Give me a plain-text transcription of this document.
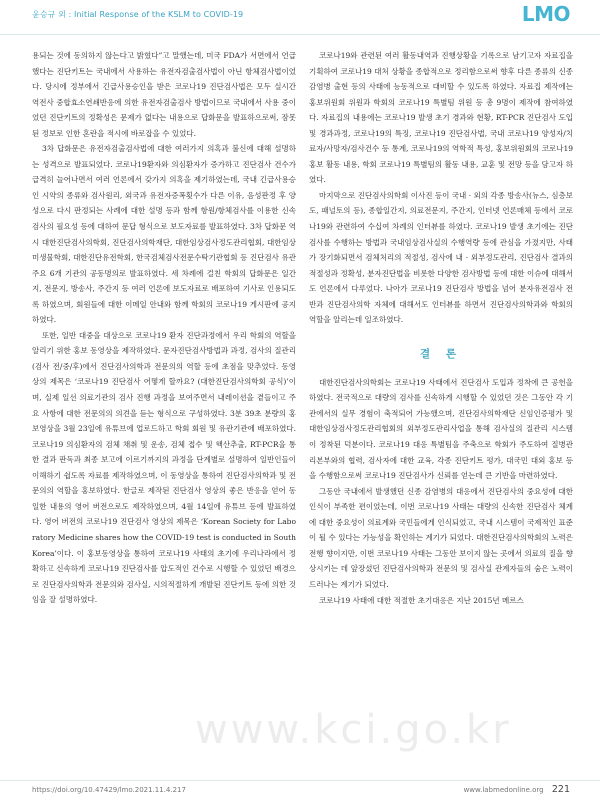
윤승규 외 : Initial Response of the KSLM to COVID-19	LMO

용되는 것에 동의하지 않는다고 밝혔다”고 말했는데, 미국 FDA가 서면에서 언급했다는 진단키트는 국내에서 사용하는 유전자검출검사법이 아닌 항체검사법이었다. 당시에 정부에서 긴급사용승인을 받은 코로나19 진단검사법은 모두 실시간 역전사 중합효소연쇄반응에 의한 유전자검출검사 방법이므로 국내에서 사용 중이었던 진단키트의 정확성은 문제가 없다는 내용으로 답화문을 발표하으로써, 잠못된 정보로 인한 혼란을 적시에 바로잡을 수 있었다.

3차 답화문은 유전자검출검사법에 대한 여러가지 의혹과 불신에 대해 설명하는 성격으로 발표되었다. 코로나19환자와 의심환자가 증가하고 진단검사 건수가 급격히 늘어나면서 여러 언론에서 갖가지 의혹을 제기하였는데, 국내 긴급사용승인 시약의 종류와 검사원리, 외국과 유전자증폭횟수가 다른 이유, 음성판정 후 양성으로 다시 판정되는 사례에 대한 설명 등과 함께 항원/항체검사를 이용한 신속검사의 필요성 등에 대하여 문답 형식으로 보도자료를 발표하였다. 3차 답화문 역시 대한진단검사의학회, 진단검사의학재단, 대한임상검사정도관리협회, 대한임상미생물학회, 대한진단유전학회, 한국검체검사전문수탁기관협회 등 진단검사 유관 주요 6개 기관의 공동명의로 발표하였다. 세 차례에 걸친 학회의 답화문은 일간지, 전문지, 방송사, 주간지 등 여러 언론에 보도자료로 배포하여 기사로 인용되도록 하였으며, 회원들에 대한 이메일 안내와 함께 학회의 코로나19 게시판에 공지하였다.

또한, 일반 대중을 대상으로 코로나19 환자 진단과정에서 우리 학회의 역할을 알리기 위한 홍보 동영상을 제작하였다. 문자진단검사방법과 과정, 검사의 질관리(검사 전/중/후)에서 진단검사의학과 전문의의 역할 등에 초점을 맞추었다. 동영상의 제목은 ‘코로나19 진단검사 어떻게 할까요? (대한진단검사의학회 공식)’이며, 실제 일선 의료기관의 검사 진행 과정을 보여주면서 내레이션을 곁들이고 주요 사항에 대한 전문의의 의견을 듣는 형식으로 구성하였다. 3분 39초 분량의 홍보영상을 3월 23일에 유튜브에 업로드하고 학회 회원 및 유관기관에 배포하였다. 코로나19 의심환자의 검체 채취 및 운송, 검체 접수 및 핵산추출, RT-PCR을 통한 결과 판독과 최종 보고에 이르기까지의 과정을 단계별로 설명하여 일반인들이 이해하기 쉽도록 자료를 제작하였으며, 이 동영상을 통하여 진단검사의학과 및 전문의의 역할을 홍보하였다. 한글로 제작된 진단검사 영상의 좋은 반응을 얻어 동일한 내용의 영어 버전으로도 제작하였으며, 4월 14일에 유튜브 등에 발표하였다. 영어 버전의 코로나19 진단검사 영상의 제목은 ‘Korean Society for Laboratory Medicine shares how the COVID-19 test is conducted in South Korea’이다. 이 홍보동영상을 통하여 코로나19 사태의 초기에 우리나라에서 정확하고 신속하게 코로나19 진단검사를 압도적인 건수로 시행할 수 있었던 배경으로 진단검사의학과 전문의와 검사실, 시의적절하게 개발된 진단키트 등에 의한 것임을 잘 설명하였다.

코로나19와 관련된 여러 활동내역과 진행상황을 기록으로 남기고자 자료집을 기획하여 코로나19 대처 상황을 종합적으로 정리함으로써 향후 다른 종류의 신종감염병 출현 등의 사태에 능동적으로 대비할 수 있도록 하였다. 자료집 제작에는 홍보위원회 위원과 학회의 코로나19 특별팀 위원 등 총 9명이 제작에 참여하였다. 자료집의 내용에는 코로나19 발생 초기 경과와 현황, RT-PCR 진단검사 도입 및 경과과정, 코로나19의 특징, 코로나19 진단검사법, 국내 코로나19 양성자/치료자/사망자/검사건수 등 통계, 코로나19의 역학적 특성, 홍보위원회의 코로나19 홍보 활동 내용, 학회 코로나19 특별팀의 활동 내용, 교훈 및 전망 등을 담고자 하였다.

마지막으로 진단검사의학회 이사진 등이 국내 · 외의 각종 방송사(뉴스, 심층보도, 패널토의 등), 종합일간지, 의료전문지, 주간지, 인터넷 언론매체 등에서 코로나19와 관련하여 수십여 차례의 인터뷰를 하였다. 코로나19 발생 초기에는 진단검사를 수행하는 방법과 국내임상검사실의 수행역량 등에 관심을 가졌지만, 사태가 장기화되면서 검체처리의 적절성, 검사에 내 · 외부정도관리, 진단검사 결과의 적절성과 정확성, 분자진단법을 비롯한 다양한 검사방법 등에 대한 이슈에 대해서도 언론에서 다루었다. 나아가 코로나19 진단검사 방법을 넘어 분자유전검사 전반과 진단검사의학 자체에 대해서도 인터뷰를 하면서 진단검사의학과와 학회의 역할을 알리는데 일조하였다.

결 론

대한진단검사의학회는 코로나19 사태에서 진단검사 도입과 정착에 큰 공헌을 하였다. 전국적으로 대량의 검사를 신속하게 시행할 수 있었던 것은 그동안 각 기관에서의 실무 경험이 축적되어 가능했으며, 진단검사의학재단 신임인증평가 및 대한임상검사정도관리협회의 외부정도관리사업을 통해 검사실의 질관리 시스템이 정착된 덕분이다. 코로나19 대응 특별팀을 주축으로 학회가 주도하여 질병관리본부와의 협력, 검사자에 대한 교육, 각종 진단키트 평가, 대국민 대외 홍보 등을 수행함으로써 코로나19 진단검사가 신뢰를 얻는데 큰 기반을 마련하였다.

그동안 국내에서 발생했던 신종 감염병의 대응에서 진단검사의 중요성에 대한 인식이 부족한 편이었는데, 이번 코로나19 사태는 대량의 신속한 진단검사 체계에 대한 중요성이 의료계와 국민들에게 인식되었고, 국내 시스템이 국제적인 표준이 될 수 있다는 가능성을 확인하는 계기가 되었다. 대한진단검사의학회의 노력은 전행 향이지만, 이번 코로나19 사태는 그동안 보이지 않는 곳에서 의료의 질을 향상시키는 데 앞장섰던 진단검사의학과 전문의 및 검사실 관계자들의 숨은 노력이 드러나는 계기가 되었다.

코로나19 사태에 대한 적절한 초기대응은 지난 2015년 메르스

www.kci.go.kr
https://doi.org/10.47429/lmo.2021.11.4.217	www.labmedonline.org 221
